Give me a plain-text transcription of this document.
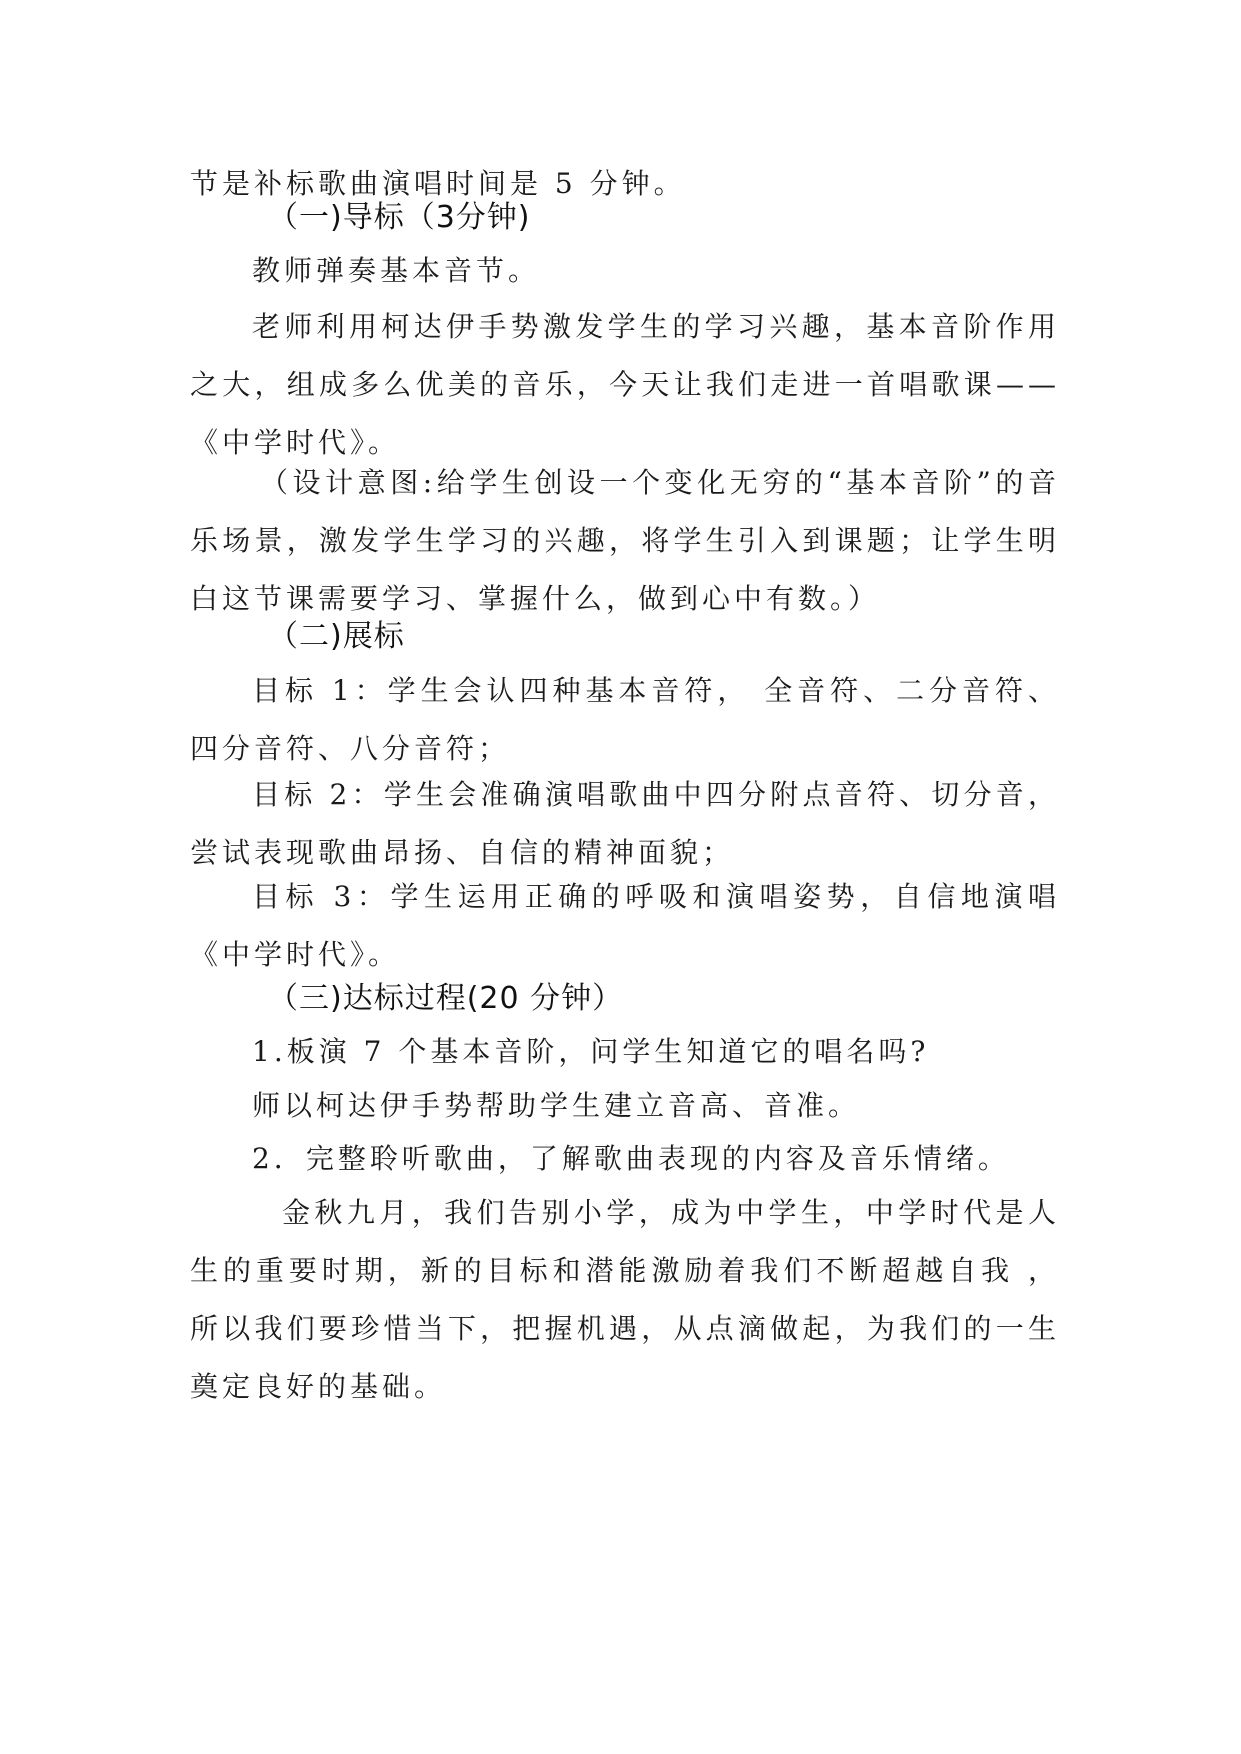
节是补标歌曲演唱时间是 5 分钟。

（一)导标（3分钟)

教师弹奏基本音节。

老师利用柯达伊手势激发学生的学习兴趣，基本音阶作用之大，组成多么优美的音乐，今天让我们走进一首唱歌课——《中学时代》。

（设计意图:给学生创设一个变化无穷的“基本音阶”的音乐场景，激发学生学习的兴趣，将学生引入到课题；让学生明白这节课需要学习、掌握什么，做到心中有数。）

（二)展标

目标 1：学生会认四种基本音符， 全音符、二分音符、四分音符、八分音符；

目标 2：学生会准确演唱歌曲中四分附点音符、切分音，尝试表现歌曲昂扬、自信的精神面貌；

目标 3：学生运用正确的呼吸和演唱姿势，自信地演唱《中学时代》。

（三)达标过程(20 分钟）

1.板演 7 个基本音阶，问学生知道它的唱名吗?

师以柯达伊手势帮助学生建立音高、音准。

2．完整聆听歌曲，了解歌曲表现的内容及音乐情绪。

金秋九月，我们告别小学，成为中学生，中学时代是人生的重要时期，新的目标和潜能激励着我们不断超越自我 ，所以我们要珍惜当下，把握机遇，从点滴做起，为我们的一生奠定良好的基础。
